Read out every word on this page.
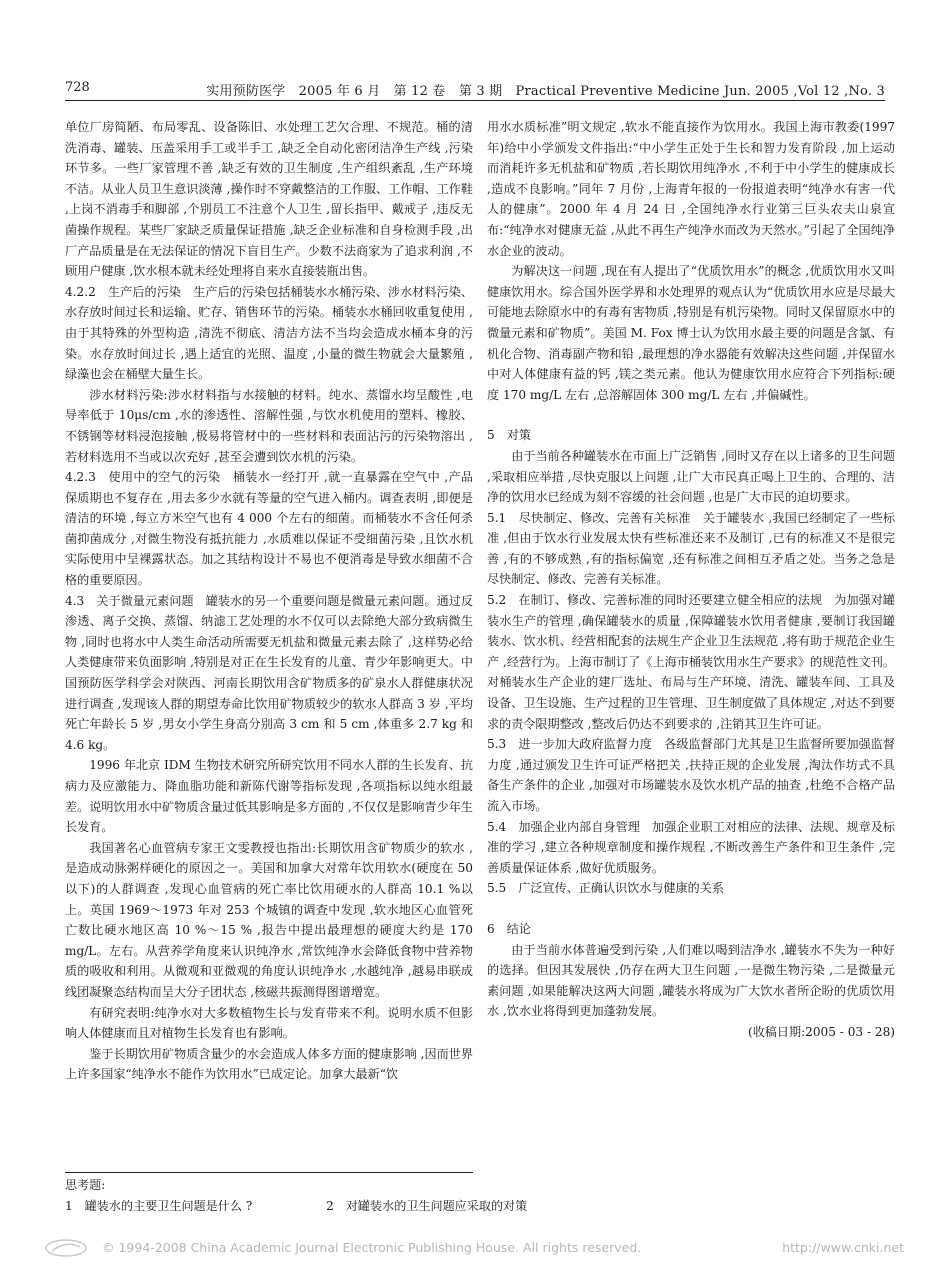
728	实用预防医学　2005 年 6 月　第 12 卷　第 3 期　Practical Preventive Medicine Jun. 2005 ,Vol 12 ,No. 3

单位厂房简陋、布局零乱、设备陈旧、水处理工艺欠合理、不规范。桶的清洗消毒、罐装、压盖采用手工或半手工 ,缺乏全自动化密闭洁净生产线 ,污染环节多。一些厂家管理不善 ,缺乏有效的卫生制度 ,生产组织紊乱 ,生产环境不洁。从业人员卫生意识淡薄 ,操作时不穿戴整洁的工作服、工作帽、工作鞋 ,上岗不消毒手和脚部 ,个别员工不注意个人卫生 ,留长指甲、戴戒子 ,违反无菌操作规程。某些厂家缺乏质量保证措施 ,缺乏企业标准和自身检测手段 ,出厂产品质量是在无法保证的情况下盲目生产。少数不法商家为了追求利润 ,不顾用户健康 ,饮水根本就未经处理将自来水直接装瓶出售。

4.2.2　生产后的污染　生产后的污染包括桶装水水桶污染、涉水材料污染、水存放时间过长和运输、贮存、销售环节的污染。桶装水水桶回收重复使用 ,由于其特殊的外型构造 ,清洗不彻底、清洁方法不当均会造成水桶本身的污染。水存放时间过长 ,遇上适宜的光照、温度 ,小量的微生物就会大量繁殖 ,绿藻也会在桶壁大量生长。

涉水材料污染:涉水材料指与水接触的材料。纯水、蒸馏水均呈酸性 ,电导率低于 10μs/cm ,水的渗透性、溶解性强 ,与饮水机使用的塑料、橡胶、不锈钢等材料浸泡接触 ,极易将管材中的一些材料和表面沾污的污染物溶出 ,若材料选用不当或以次充好 ,甚至会遭到饮水机的污染。

4.2.3　使用中的空气的污染　桶装水一经打开 ,就一直暴露在空气中 ,产品保质期也不复存在 ,用去多少水就有等量的空气进入桶内。调查表明 ,即便是清洁的环境 ,每立方米空气也有 4 000 个左右的细菌。而桶装水不含任何杀菌抑菌成分 ,对微生物没有抵抗能力 ,水质难以保证不受细菌污染 ,且饮水机实际使用中呈裸露状态。加之其结构设计不易也不便消毒是导致水细菌不合格的重要原因。

4.3　关于微量元素问题　罐装水的另一个重要问题是微量元素问题。通过反渗透、离子交换、蒸馏、纳滤工艺处理的水不仅可以去除绝大部分致病微生物 ,同时也将水中人类生命活动所需要无机盐和微量元素去除了 ,这样势必给人类健康带来负面影响 ,特别是对正在生长发育的儿童、青少年影响更大。中国预防医学科学会对陕西、河南长期饮用含矿物质多的矿泉水人群健康状况进行调查 ,发现该人群的期望寿命比饮用矿物质较少的软水人群高 3 岁 ,平均死亡年龄长 5 岁 ,男女小学生身高分别高 3 cm 和 5 cm ,体重多 2.7 kg 和 4.6 kg。

1996 年北京 IDM 生物技术研究所研究饮用不同水人群的生长发育、抗病力及应激能力、降血脂功能和新陈代谢等指标发现 ,各项指标以纯水组最差。说明饮用水中矿物质含量过低其影响是多方面的 ,不仅仅是影响青少年生长发育。

我国著名心血管病专家王文雯教授也指出:长期饮用含矿物质少的软水 ,是造成动脉粥样硬化的原因之一。美国和加拿大对常年饮用软水(硬度在 50 以下)的人群调查 ,发现心血管病的死亡率比饮用硬水的人群高 10.1 %以上。英国 1969～1973 年对 253 个城镇的调查中发现 ,软水地区心血管死亡数比硬水地区高 10 %～15 % ,报告中提出最理想的硬度大约是 170 mg/L。左右。从营养学角度来认识纯净水 ,常饮纯净水会降低食物中营养物质的吸收和利用。从微观和亚微观的角度认识纯净水 ,水越纯净 ,越易串联成线团凝聚态结构而呈大分子团状态 ,核磁共振测得图谱增宽。

有研究表明:纯净水对大多数植物生长与发育带来不利。说明水质不但影响人体健康而且对植物生长发育也有影响。

鉴于长期饮用矿物质含量少的水会造成人体多方面的健康影响 ,因而世界上许多国家“纯净水不能作为饮用水”已成定论。加拿大最新“饮

用水水质标准”明文规定 ,软水不能直接作为饮用水。我国上海市教委(1997 年)给中小学颁发文件指出:“中小学生正处于生长和智力发育阶段 ,加上运动而消耗许多无机盐和矿物质 ,若长期饮用纯净水 ,不利于中小学生的健康成长 ,造成不良影响。”同年 7 月份 ,上海青年报的一份报道表明“纯净水有害一代人的健康”。2000 年 4 月 24 日 ,全国纯净水行业第三巨头农夫山泉宣布:“纯净水对健康无益 ,从此不再生产纯净水而改为天然水。”引起了全国纯净水企业的波动。

为解决这一问题 ,现在有人提出了“优质饮用水”的概念 ,优质饮用水又叫健康饮用水。综合国外医学界和水处理界的观点认为“优质饮用水应是尽最大可能地去除原水中的有毒有害物质 ,特别是有机污染物。同时又保留原水中的微量元素和矿物质”。美国 M. Fox 博士认为饮用水最主要的问题是含氯、有机化合物、消毒副产物和铅 ,最理想的净水器能有效解决这些问题 ,并保留水中对人体健康有益的钙 ,镁之类元素。他认为健康饮用水应符合下列指标:硬度 170 mg/L 左右 ,总溶解固体 300 mg/L 左右 ,并偏碱性。

5　对策

由于当前各种罐装水在市面上广泛销售 ,同时又存在以上诸多的卫生问题 ,采取相应举措 ,尽快克服以上问题 ,让广大市民真正喝上卫生的、合理的、洁净的饮用水已经成为刻不容缓的社会问题 ,也是广大市民的迫切要求。

5.1　尽快制定、修改、完善有关标准　关于罐装水 ,我国已经制定了一些标准 ,但由于饮水行业发展太快有些标准还来不及制订 ,已有的标准又不是很完善 ,有的不够成熟 ,有的指标偏宽 ,还有标准之间相互矛盾之处。当务之急是尽快制定、修改、完善有关标准。

5.2　在制订、修改、完善标准的同时还要建立健全相应的法规　为加强对罐装水生产的管理 ,确保罐装水的质量 ,保障罐装水饮用者健康 ,要制订我国罐装水、饮水机、经营相配套的法规生产企业卫生法规范 ,将有助于规范企业生产 ,经营行为。上海市制订了《上海市桶装饮用水生产要求》的规范性文刊。对桶装水生产企业的建厂选址、布局与生产环境、清洗、罐装车间、工具及设备、卫生设施、生产过程的卫生管理、卫生制度做了具体规定 ,对达不到要求的责令限期整改 ,整改后仍达不到要求的 ,注销其卫生许可证。

5.3　进一步加大政府监督力度　各级监督部门尤其是卫生监督所要加强监督力度 ,通过颁发卫生许可证严格把关 ,扶持正规的企业发展 ,淘汰作坊式不具备生产条件的企业 ,加强对市场罐装水及饮水机产品的抽查 ,杜绝不合格产品流入市场。

5.4　加强企业内部自身管理　加强企业职工对相应的法律、法规、规章及标准的学习 ,建立各种规章制度和操作规程 ,不断改善生产条件和卫生条件 ,完善质量保证体系 ,做好优质服务。

5.5　广泛宣传、正确认识饮水与健康的关系

6　结论

由于当前水体普遍受到污染 ,人们难以喝到洁净水 ,罐装水不失为一种好的选择。但因其发展快 ,仍存在两大卫生问题 ,一是微生物污染 ,二是微量元素问题 ,如果能解决这两大问题 ,罐装水将成为广大饮水者所企盼的优质饮用水 ,饮水业将得到更加蓬勃发展。

(收稿日期:2005 - 03 - 28)

思考题:
1 罐装水的主要卫生问题是什么 ?	2 对罐装水的卫生问题应采取的对策
© 1994-2008 China Academic Journal Electronic Publishing House. All rights reserved.	http://www.cnki.net
